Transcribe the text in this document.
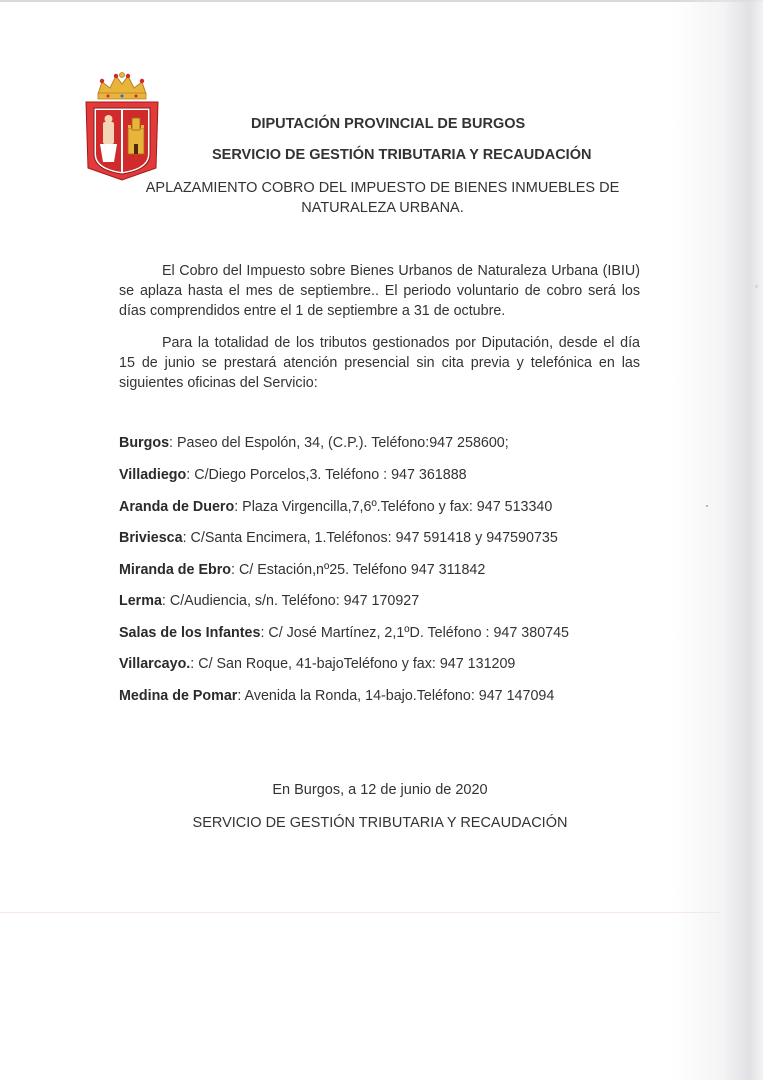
DIPUTACIÓN PROVINCIAL DE BURGOS
SERVICIO DE GESTIÓN TRIBUTARIA Y RECAUDACIÓN
APLAZAMIENTO COBRO DEL IMPUESTO DE BIENES INMUEBLES DE
NATURALEZA URBANA.

El Cobro del Impuesto sobre Bienes Urbanos de Naturaleza Urbana (IBIU) se aplaza hasta el mes de septiembre.. El periodo voluntario de cobro será los días comprendidos entre el 1 de septiembre a 31 de octubre.

Para la totalidad de los tributos gestionados por Diputación, desde el día 15 de junio se prestará atención presencial sin cita previa y telefónica en las siguientes oficinas del Servicio:

Burgos: Paseo del Espolón, 34, (C.P.). Teléfono:947 258600;
Villadiego: C/Diego Porcelos,3. Teléfono : 947 361888
Aranda de Duero: Plaza Virgencilla,7,6º.Teléfono y fax: 947 513340
Briviesca: C/Santa Encimera, 1.Teléfonos: 947 591418 y 947590735
Miranda de Ebro: C/ Estación,nº25. Teléfono 947 311842
Lerma: C/Audiencia, s/n. Teléfono: 947 170927
Salas de los Infantes: C/ José Martínez, 2,1ºD. Teléfono : 947 380745
Villarcayo.: C/ San Roque, 41-bajoTeléfono y fax: 947 131209
Medina de Pomar: Avenida la Ronda, 14-bajo.Teléfono: 947 147094
En Burgos, a 12 de junio de 2020
SERVICIO DE GESTIÓN TRIBUTARIA Y RECAUDACIÓN
